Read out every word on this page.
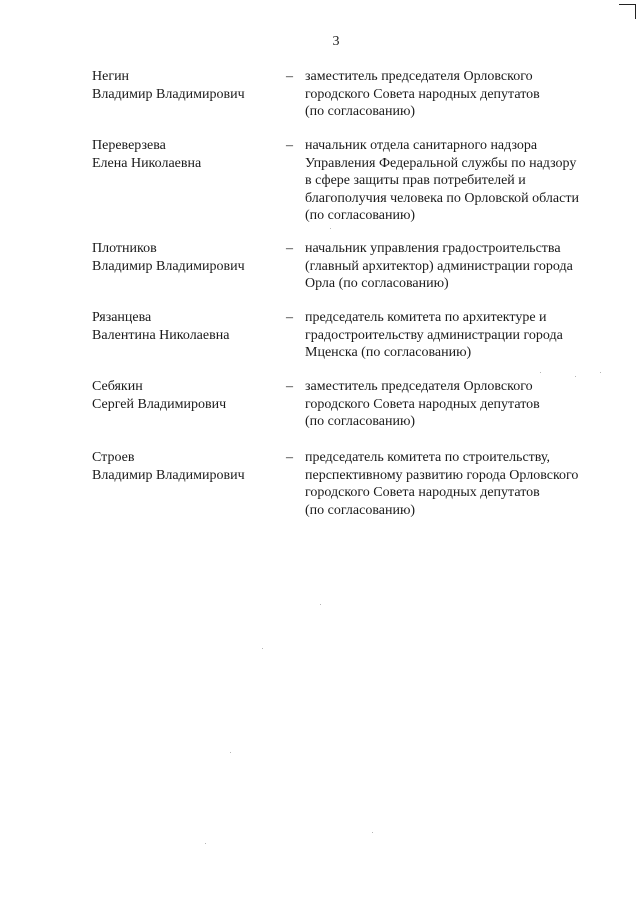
3
Негин
Владимир Владимирович
– заместитель председателя Орловского
городского Совета народных депутатов
(по согласованию)
Переверзева
Елена Николаевна
– начальник отдела санитарного надзора
Управления Федеральной службы по надзору
в сфере защиты прав потребителей и
благополучия человека по Орловской области
(по согласованию)
Плотников
Владимир Владимирович
– начальник управления градостроительства
(главный архитектор) администрации города
Орла (по согласованию)
Рязанцева
Валентина Николаевна
– председатель комитета по архитектуре и
градостроительству администрации города
Мценска (по согласованию)
Себякин
Сергей Владимирович
– заместитель председателя Орловского
городского Совета народных депутатов
(по согласованию)
Строев
Владимир Владимирович
– председатель комитета по строительству,
перспективному развитию города Орловского
городского Совета народных депутатов
(по согласованию)
